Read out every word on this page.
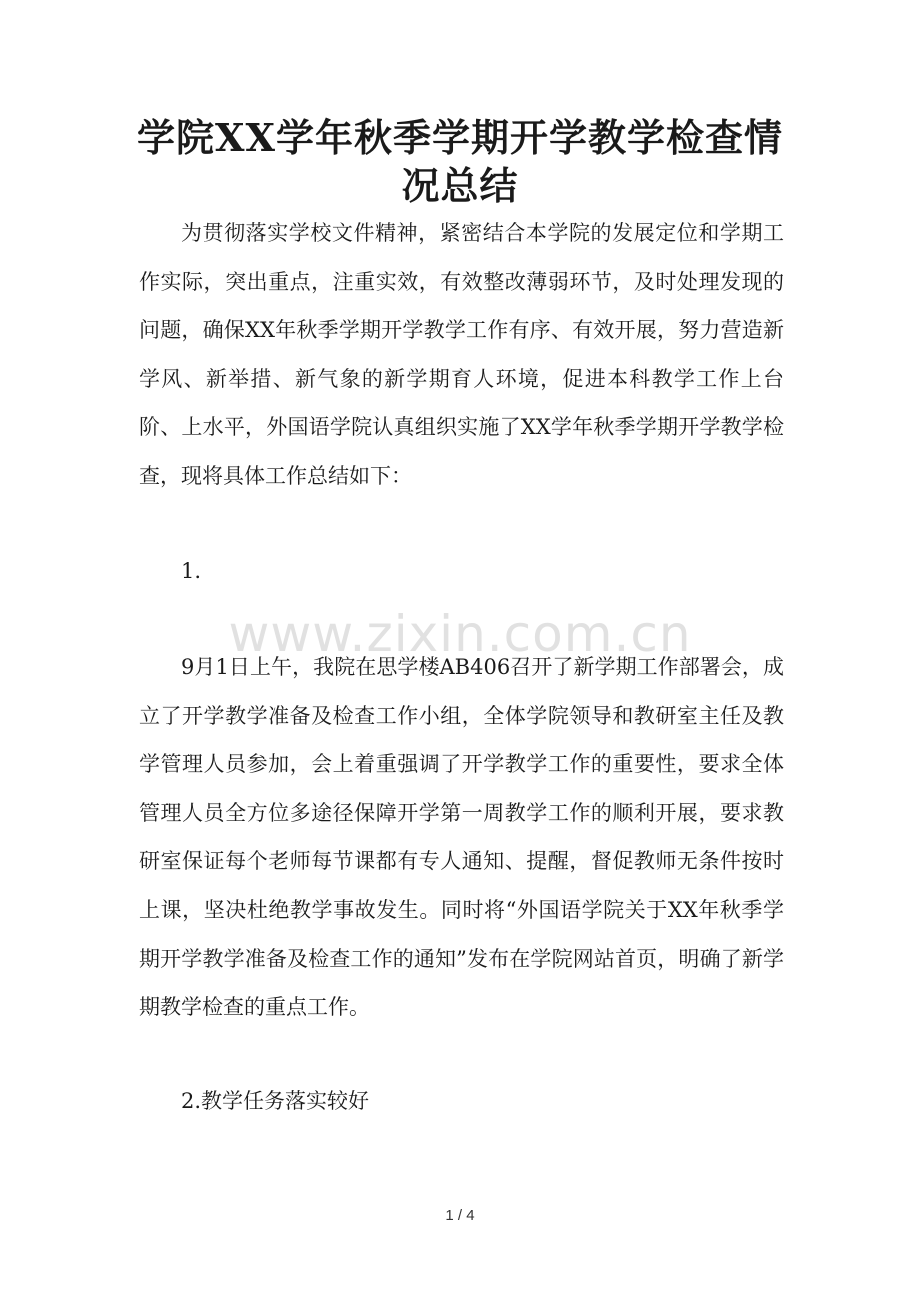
学院XX学年秋季学期开学教学检查情
况总结

为贯彻落实学校文件精神，紧密结合本学院的发展定位和学期工作实际，突出重点，注重实效，有效整改薄弱环节，及时处理发现的问题，确保XX年秋季学期开学教学工作有序、有效开展，努力营造新学风、新举措、新气象的新学期育人环境，促进本科教学工作上台阶、上水平，外国语学院认真组织实施了XX学年秋季学期开学教学检查，现将具体工作总结如下：

1.

www.zixin.com.cn

9月1日上午，我院在思学楼AB406召开了新学期工作部署会，成立了开学教学准备及检查工作小组，全体学院领导和教研室主任及教学管理人员参加，会上着重强调了开学教学工作的重要性，要求全体管理人员全方位多途径保障开学第一周教学工作的顺利开展，要求教研室保证每个老师每节课都有专人通知、提醒，督促教师无条件按时上课，坚决杜绝教学事故发生。同时将“外国语学院关于XX年秋季学期开学教学准备及检查工作的通知”发布在学院网站首页，明确了新学期教学检查的重点工作。

2.教学任务落实较好

1 / 4
